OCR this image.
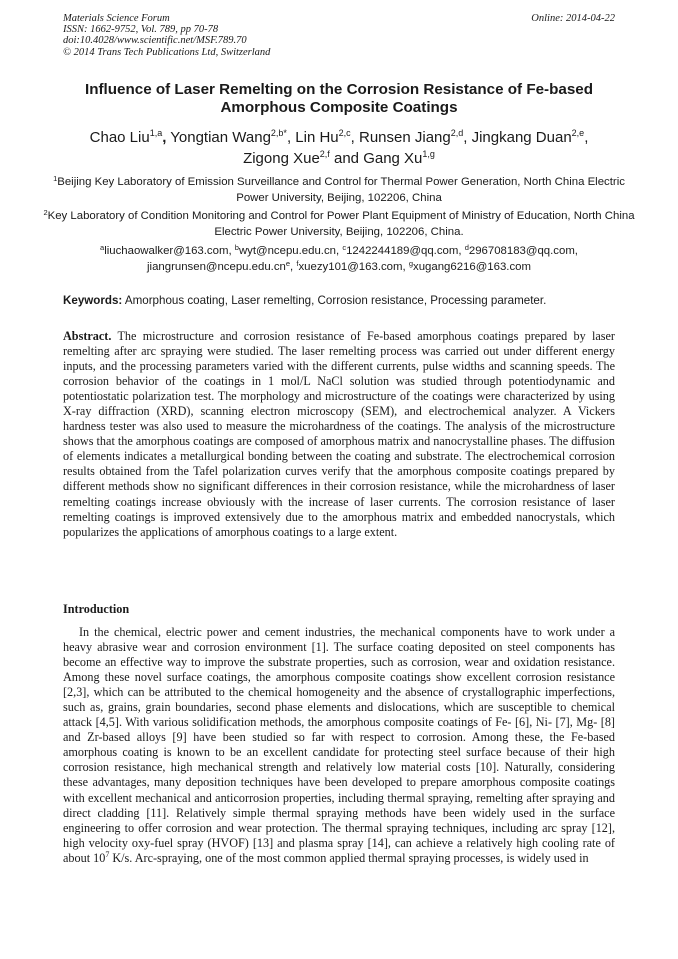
Materials Science Forum
ISSN: 1662-9752, Vol. 789, pp 70-78
doi:10.4028/www.scientific.net/MSF.789.70
© 2014 Trans Tech Publications Ltd, Switzerland
Online: 2014-04-22
Influence of Laser Remelting on the Corrosion Resistance of Fe-based Amorphous Composite Coatings
Chao Liu$^{1,a}$, Yongtian Wang$^{2,b*}$, Lin Hu$^{2,c}$, Runsen Jiang$^{2,d}$, Jingkang Duan$^{2,e}$,
Zigong Xue$^{2,f}$ and Gang Xu$^{1,g}$
$^1$Beijing Key Laboratory of Emission Surveillance and Control for Thermal Power Generation, North China Electric Power University, Beijing, 102206, China
$^2$Key Laboratory of Condition Monitoring and Control for Power Plant Equipment of Ministry of Education, North China Electric Power University, Beijing, 102206, China.
$^a$liuchaowalker@163.com, $^b$wyt@ncepu.edu.cn, $^c$1242244189@qq.com, $^d$296708183@qq.com, $jiangrunsen@ncepu.edu.cn^e$, $^f$xuezy101@163.com, $^g$xugang6216@163.com
Keywords: Amorphous coating, Laser remelting, Corrosion resistance, Processing parameter.
Abstract. The microstructure and corrosion resistance of Fe-based amorphous coatings prepared by laser remelting after arc spraying were studied. The laser remelting process was carried out under different energy inputs, and the processing parameters varied with the different currents, pulse widths and scanning speeds. The corrosion behavior of the coatings in 1 mol/L NaCl solution was studied through potentiodynamic and potentiostatic polarization test. The morphology and microstructure of the coatings were characterized by using X-ray diffraction (XRD), scanning electron microscopy (SEM), and electrochemical analyzer. A Vickers hardness tester was also used to measure the microhardness of the coatings. The analysis of the microstructure shows that the amorphous coatings are composed of amorphous matrix and nanocrystalline phases. The diffusion of elements indicates a metallurgical bonding between the coating and substrate. The electrochemical corrosion results obtained from the Tafel polarization curves verify that the amorphous composite coatings prepared by different methods show no significant differences in their corrosion resistance, while the microhardness of laser remelting coatings increase obviously with the increase of laser currents. The corrosion resistance of laser remelting coatings is improved extensively due to the amorphous matrix and embedded nanocrystals, which popularizes the applications of amorphous coatings to a large extent.
Introduction
In the chemical, electric power and cement industries, the mechanical components have to work under a heavy abrasive wear and corrosion environment [1]. The surface coating deposited on steel components has become an effective way to improve the substrate properties, such as corrosion, wear and oxidation resistance. Among these novel surface coatings, the amorphous composite coatings show excellent corrosion resistance [2,3], which can be attributed to the chemical homogeneity and the absence of crystallographic imperfections, such as, grains, grain boundaries, second phase elements and dislocations, which are susceptible to chemical attack [4,5]. With various solidification methods, the amorphous composite coatings of Fe- [6], Ni- [7], Mg- [8] and Zr-based alloys [9] have been studied so far with respect to corrosion. Among these, the Fe-based amorphous coating is known to be an excellent candidate for protecting steel surface because of their high corrosion resistance, high mechanical strength and relatively low material costs [10]. Naturally, considering these advantages, many deposition techniques have been developed to prepare amorphous composite coatings with excellent mechanical and anticorrosion properties, including thermal spraying, remelting after spraying and direct cladding [11]. Relatively simple thermal spraying methods have been widely used in the surface engineering to offer corrosion and wear protection. The thermal spraying techniques, including arc spray [12], high velocity oxy-fuel spray (HVOF) [13] and plasma spray [14], can achieve a relatively high cooling rate of about $10^7$ K/s. Arc-spraying, one of the most common applied thermal spraying processes, is widely used in
